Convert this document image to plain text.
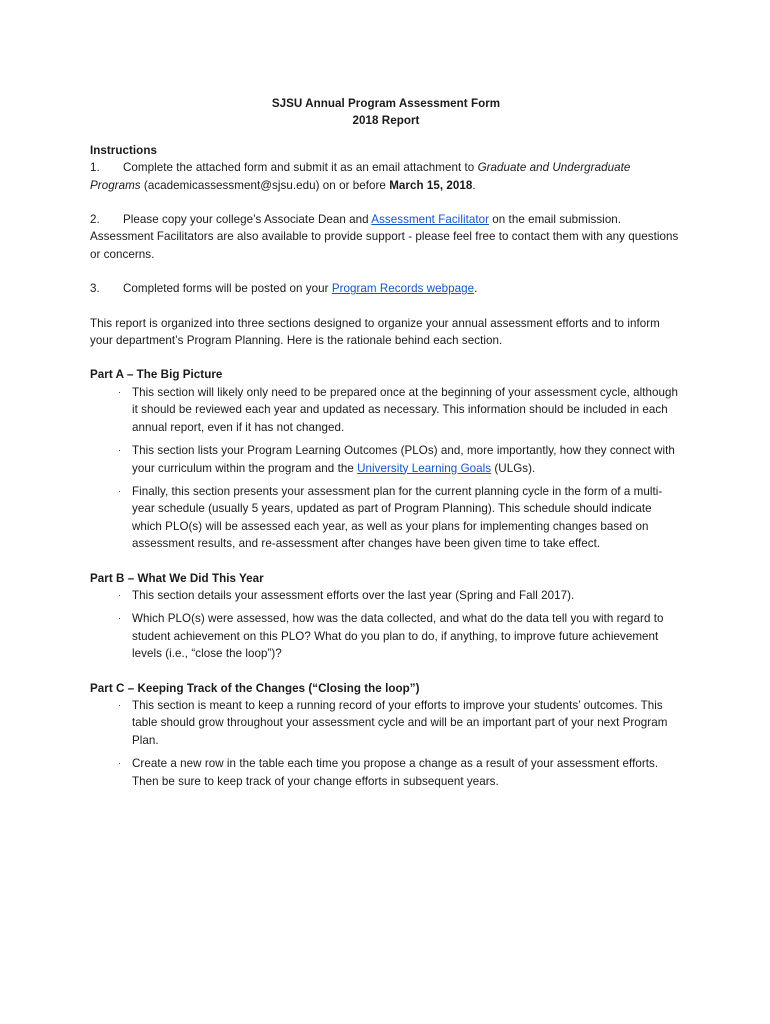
SJSU Annual Program Assessment Form

2018 Report

Instructions

1. Complete the attached form and submit it as an email attachment to Graduate and Undergraduate Programs (academicassessment@sjsu.edu) on or before March 15, 2018.

2. Please copy your college’s Associate Dean and Assessment Facilitator on the email submission. Assessment Facilitators are also available to provide support - please feel free to contact them with any questions or concerns.

3. Completed forms will be posted on your Program Records webpage.

This report is organized into three sections designed to organize your annual assessment efforts and to inform your department’s Program Planning. Here is the rationale behind each section.

Part A – The Big Picture

· This section will likely only need to be prepared once at the beginning of your assessment cycle, although it should be reviewed each year and updated as necessary. This information should be included in each annual report, even if it has not changed.
· This section lists your Program Learning Outcomes (PLOs) and, more importantly, how they connect with your curriculum within the program and the University Learning Goals (ULGs).
· Finally, this section presents your assessment plan for the current planning cycle in the form of a multi-year schedule (usually 5 years, updated as part of Program Planning). This schedule should indicate which PLO(s) will be assessed each year, as well as your plans for implementing changes based on assessment results, and re-assessment after changes have been given time to take effect.

Part B – What We Did This Year

· This section details your assessment efforts over the last year (Spring and Fall 2017).
· Which PLO(s) were assessed, how was the data collected, and what do the data tell you with regard to student achievement on this PLO? What do you plan to do, if anything, to improve future achievement levels (i.e., “close the loop”)?

Part C – Keeping Track of the Changes (“Closing the loop”)

· This section is meant to keep a running record of your efforts to improve your students’ outcomes. This table should grow throughout your assessment cycle and will be an important part of your next Program Plan.
· Create a new row in the table each time you propose a change as a result of your assessment efforts. Then be sure to keep track of your change efforts in subsequent years.
